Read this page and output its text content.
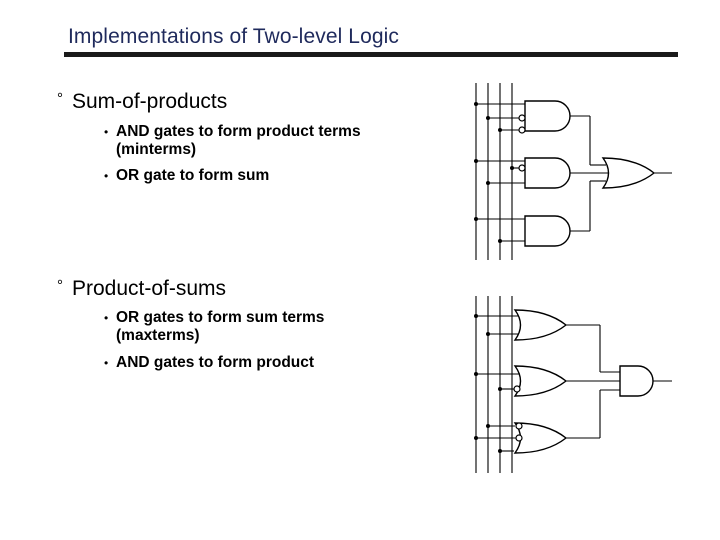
Implementations of Two-level Logic
° Sum-of-products
• AND gates to form product terms
(minterms)
• OR gate to form sum
° Product-of-sums
• OR gates to form sum terms
(maxterms)
• AND gates to form product
